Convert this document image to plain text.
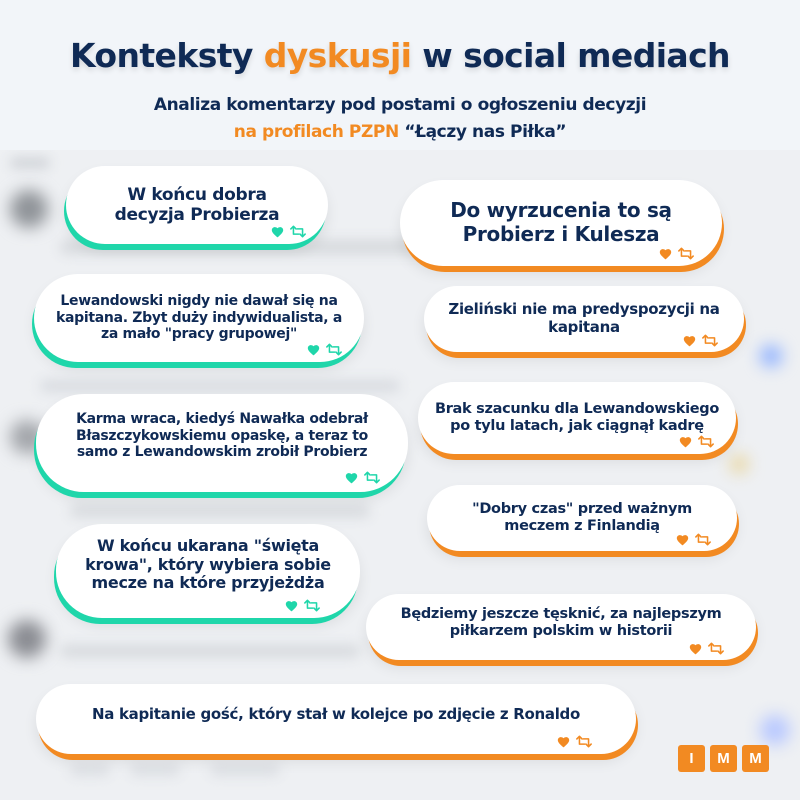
Konteksty dyskusji w social mediach
Analiza komentarzy pod postami o ogłoszeniu decyzji
na profilach PZPN “Łączy nas Piłka”
W końcu dobra decyzja Probierza	Do wyrzucenia to są Probierz i Kulesza
Lewandowski nigdy nie dawał się na kapitana. Zbyt duży indywidualista, a za mało "pracy grupowej"
Zieliński nie ma predyspozycji na kapitana
Karma wraca, kiedyś Nawałka odebrał Błaszczykowskiemu opaskę, a teraz to samo z Lewandowskim zrobił Probierz
Brak szacunku dla Lewandowskiego po tylu latach, jak ciągnął kadrę
"Dobry czas" przed ważnym meczem z Finlandią
W końcu ukarana "święta krowa", który wybiera sobie mecze na które przyjeżdża
Będziemy jeszcze tęsknić, za najlepszym piłkarzem polskim w historii
Na kapitanie gość, który stał w kolejce po zdjęcie z Ronaldo
I	M	M
